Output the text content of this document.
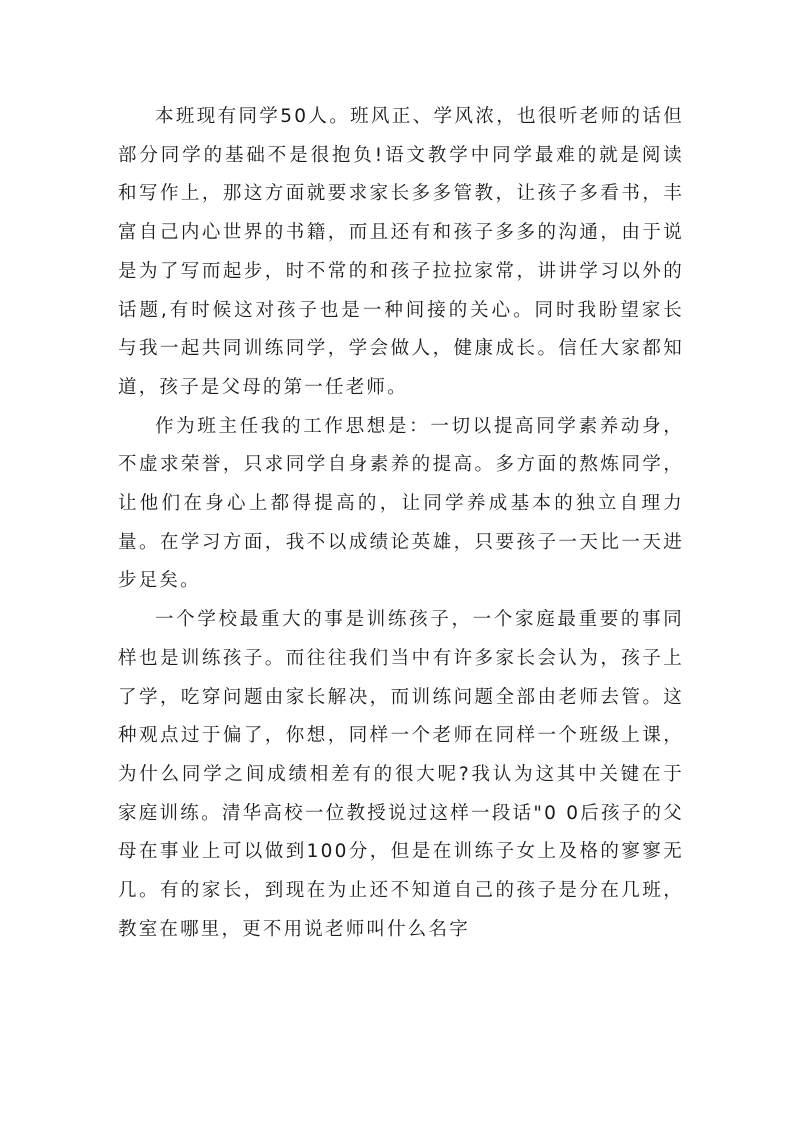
本班现有同学50人。班风正、学风浓，也很听老师的话但部分同学的基础不是很抱负!语文教学中同学最难的就是阅读和写作上，那这方面就要求家长多多管教，让孩子多看书，丰富自己内心世界的书籍，而且还有和孩子多多的沟通，由于说是为了写而起步，时不常的和孩子拉拉家常，讲讲学习以外的话题,有时候这对孩子也是一种间接的关心。同时我盼望家长与我一起共同训练同学，学会做人，健康成长。信任大家都知道，孩子是父母的第一任老师。

作为班主任我的工作思想是：一切以提高同学素养动身，不虚求荣誉，只求同学自身素养的提高。多方面的熬炼同学，让他们在身心上都得提高的，让同学养成基本的独立自理力量。在学习方面，我不以成绩论英雄，只要孩子一天比一天进步足矣。

一个学校最重大的事是训练孩子，一个家庭最重要的事同样也是训练孩子。而往往我们当中有许多家长会认为，孩子上了学，吃穿问题由家长解决，而训练问题全部由老师去管。这种观点过于偏了，你想，同样一个老师在同样一个班级上课，为什么同学之间成绩相差有的很大呢?我认为这其中关键在于家庭训练。清华高校一位教授说过这样一段话"0 0后孩子的父母在事业上可以做到100分，但是在训练子女上及格的寥寥无几。有的家长，到现在为止还不知道自己的孩子是分在几班，教室在哪里，更不用说老师叫什么名字
